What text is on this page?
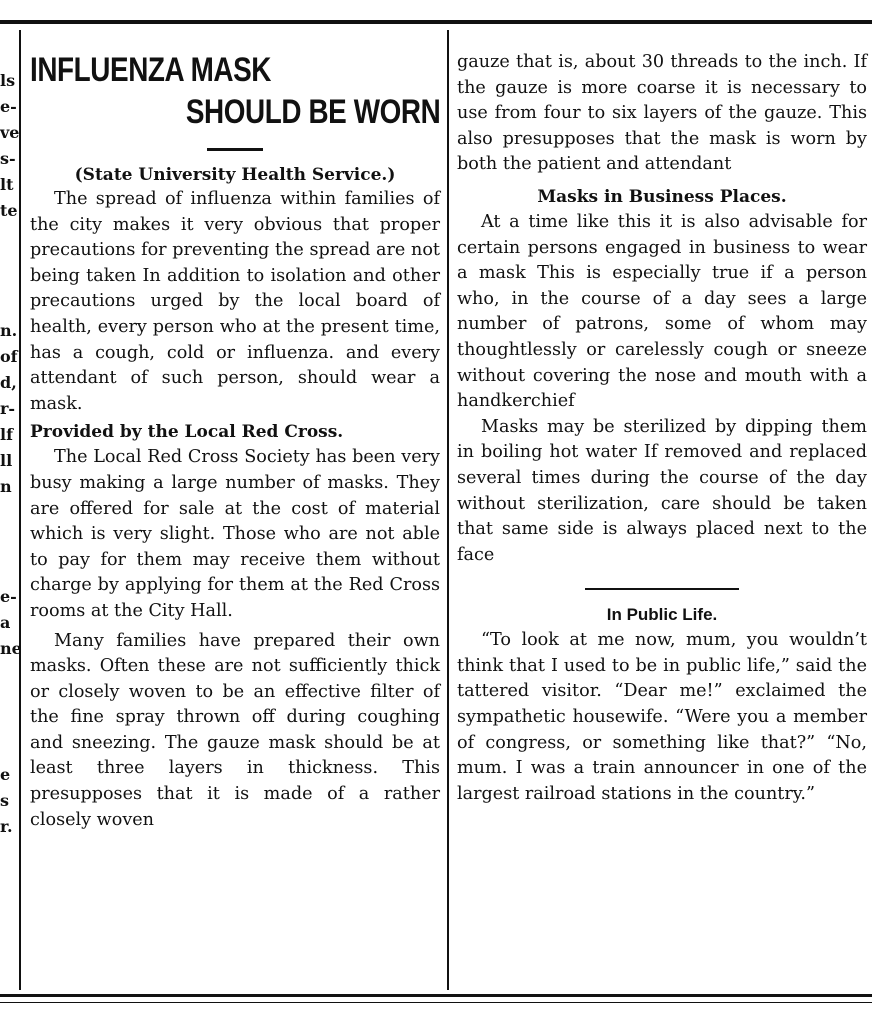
ls
e-
ve
s-
lt
te
n.
of
d,
r-
lf
ll
n
e-
a
ne
e
s
r.
INFLUENZA MASK
SHOULD BE WORN
(State University Health Service.)

The spread of influenza within families of the city makes it very obvious that proper precautions for preventing the spread are not being taken In addition to isolation and other precautions urged by the local board of health, every person who at the present time, has a cough, cold or influenza. and every attendant of such person, should wear a mask.

Provided by the Local Red Cross.

The Local Red Cross Society has been very busy making a large number of masks. They are offered for sale at the cost of material which is very slight. Those who are not able to pay for them may receive them without charge by applying for them at the Red Cross rooms at the City Hall.

Many families have prepared their own masks. Often these are not sufficiently thick or closely woven to be an effective filter of the fine spray thrown off during coughing and sneezing. The gauze mask should be at least three layers in thickness. This presupposes that it is made of a rather closely woven

gauze that is, about 30 threads to the inch. If the gauze is more coarse it is necessary to use from four to six layers of the gauze. This also presupposes that the mask is worn by both the patient and attendant

Masks in Business Places.

At a time like this it is also advisable for certain persons engaged in business to wear a mask This is especially true if a person who, in the course of a day sees a large number of patrons, some of whom may thoughtlessly or carelessly cough or sneeze without covering the nose and mouth with a handkerchief

Masks may be sterilized by dipping them in boiling hot water If removed and replaced several times during the course of the day without sterilization, care should be taken that same side is always placed next to the face

In Public Life.

“To look at me now, mum, you wouldn’t think that I used to be in public life,” said the tattered visitor. “Dear me!” exclaimed the sympathetic housewife. “Were you a member of congress, or something like that?” “No, mum. I was a train announcer in one of the largest railroad stations in the country.”
